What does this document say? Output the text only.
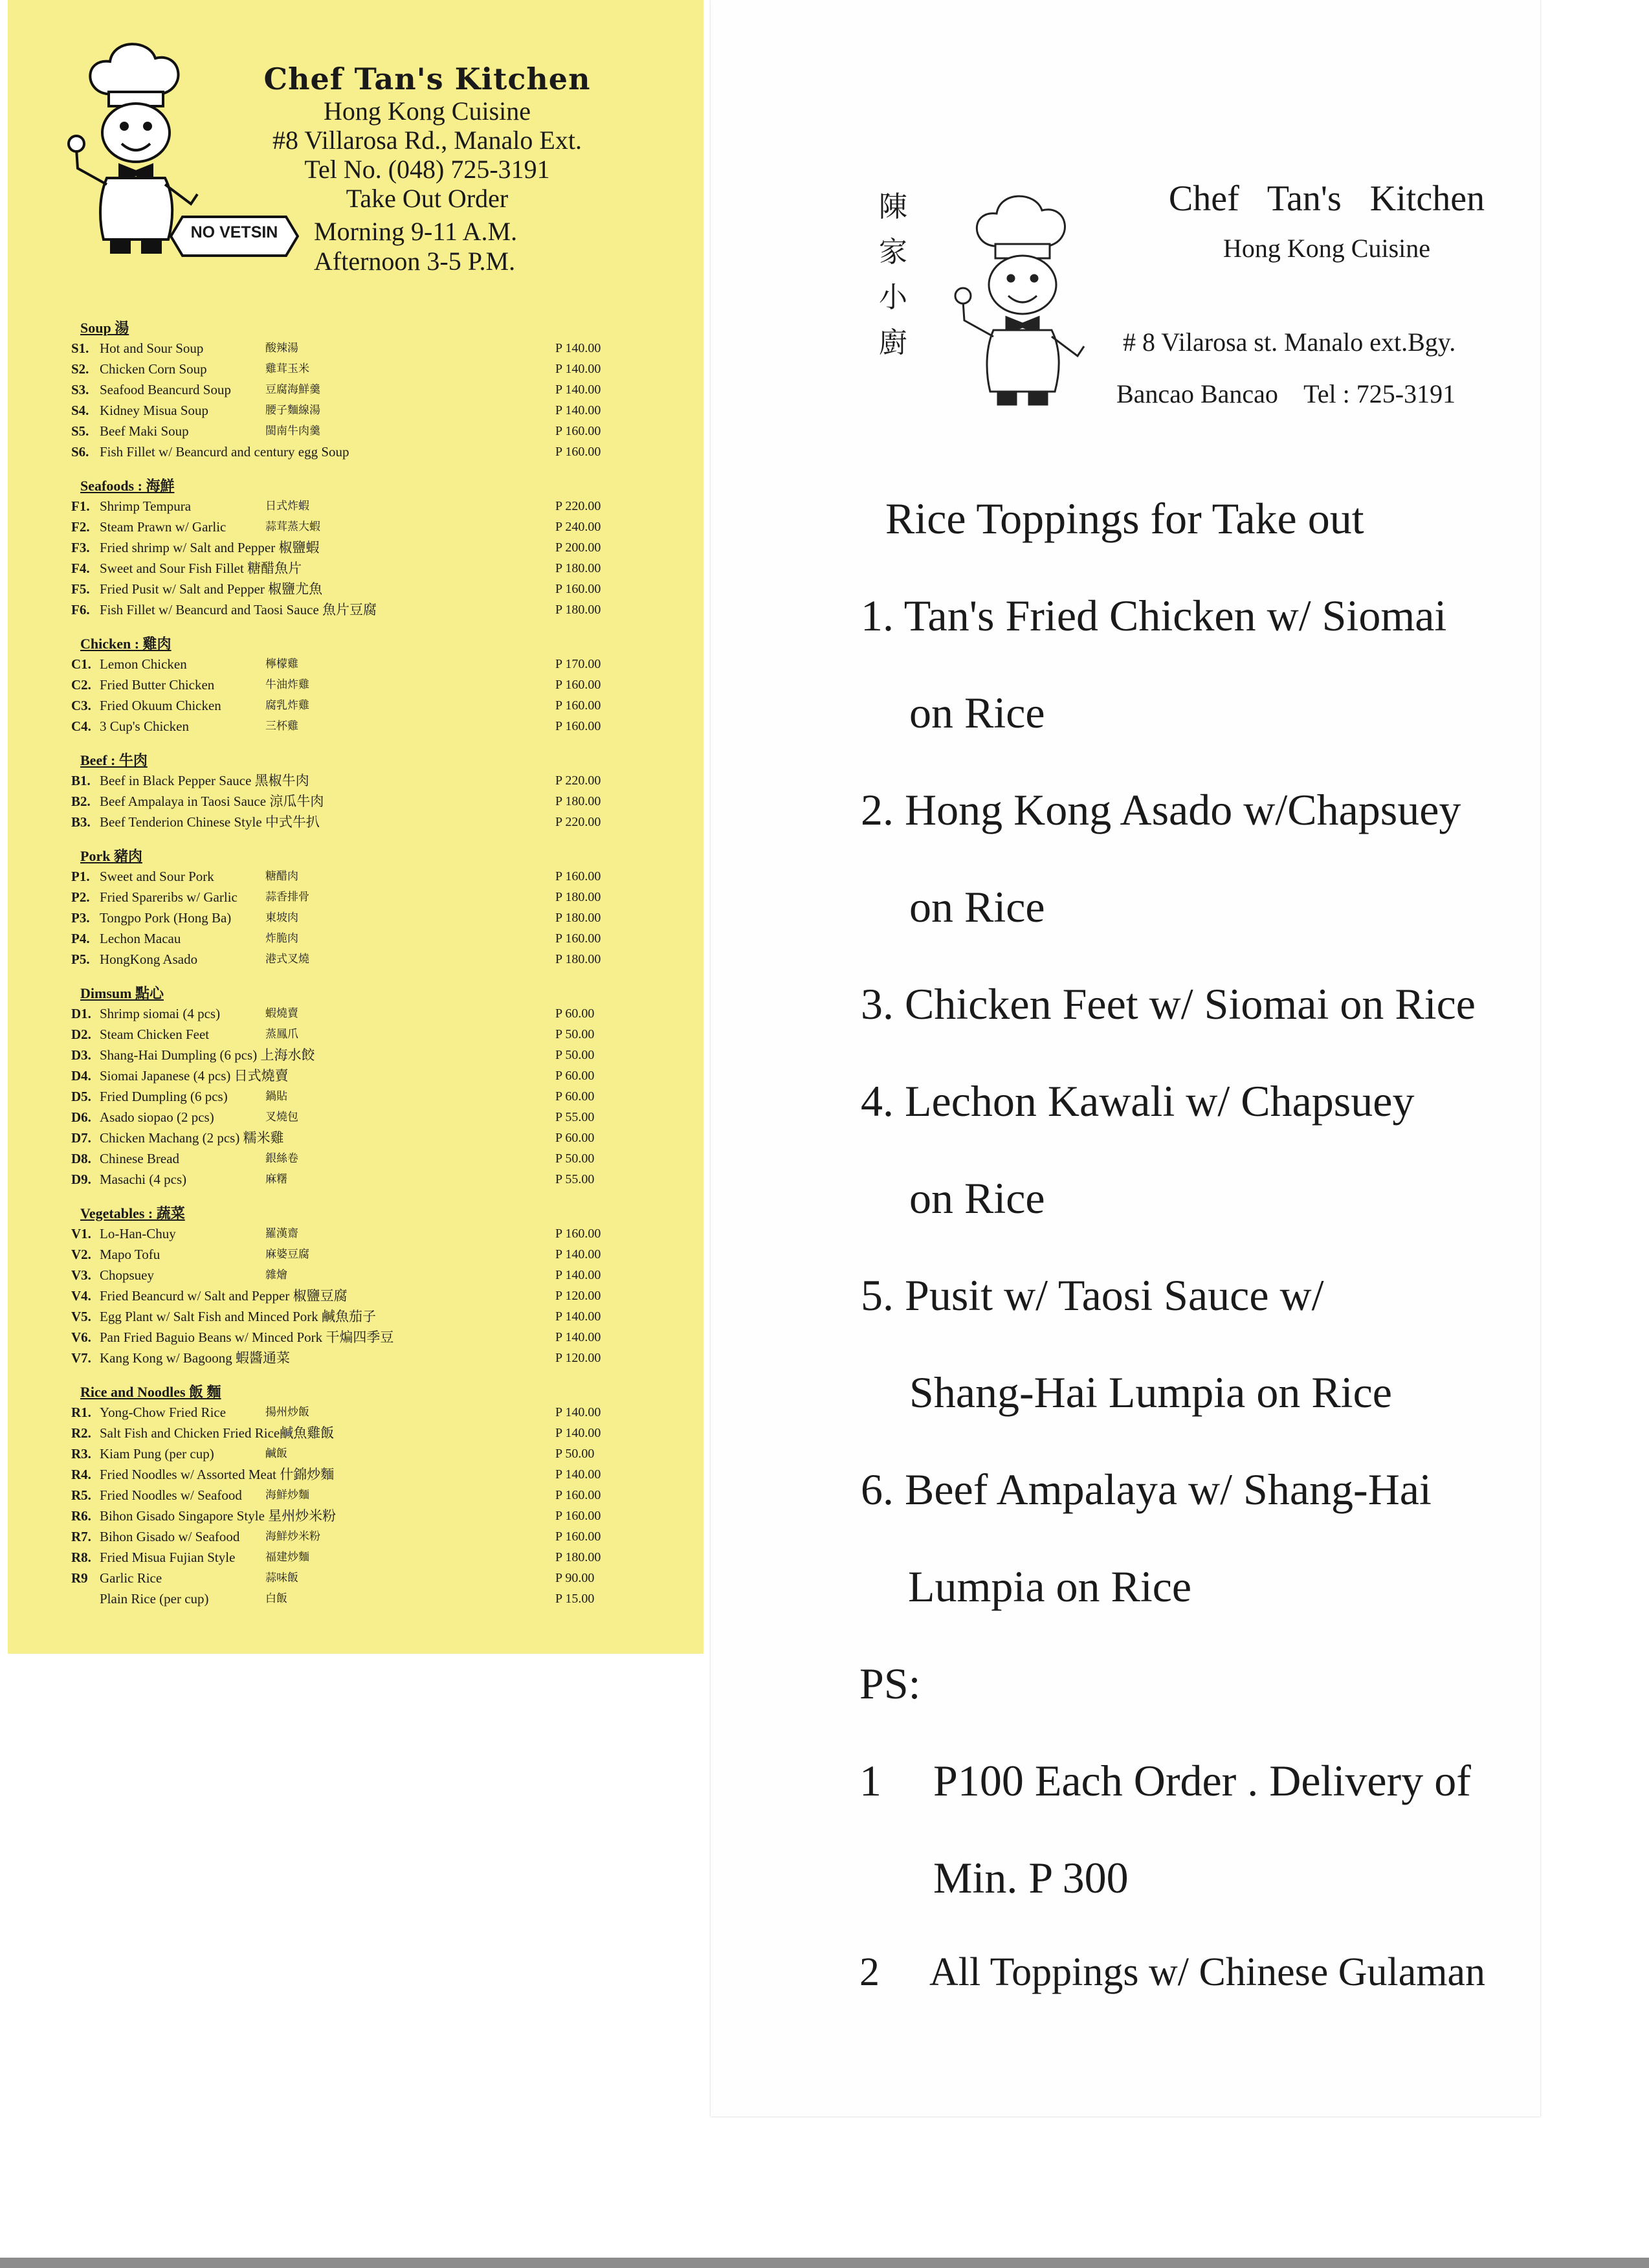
Chef Tan's Kitchen
Hong Kong Cuisine
#8 Villarosa Rd., Manalo Ext.
Tel No. (048) 725-3191
Take Out Order
NO VETSIN	Morning 9-11 A.M.
Afternoon 3-5 P.M.
Soup 湯
S1. Hot and Sour Soup	酸辣湯	P 140.00
S2. Chicken Corn Soup	雞茸玉米	P 140.00
S3. Seafood Beancurd Soup	豆腐海鮮羹	P 140.00
S4. Kidney Misua Soup	腰子麵線湯	P 140.00
S5. Beef Maki Soup	閩南牛肉羹	P 160.00
S6. Fish Fillet w/ Beancurd and century egg Soup	P 160.00
Seafoods : 海鮮
F1. Shrimp Tempura	日式炸蝦	P 220.00
F2. Steam Prawn w/ Garlic	蒜茸蒸大蝦	P 240.00
F3. Fried shrimp w/ Salt and Pepper 椒鹽蝦	P 200.00
F4. Sweet and Sour Fish Fillet 糖醋魚片	P 180.00
F5. Fried Pusit w/ Salt and Pepper 椒鹽尤魚	P 160.00
F6. Fish Fillet w/ Beancurd and Taosi Sauce 魚片豆腐	P 180.00
Chicken : 雞肉
C1. Lemon Chicken	檸檬雞	P 170.00
C2. Fried Butter Chicken	牛油炸雞	P 160.00
C3. Fried Okuum Chicken	腐乳炸雞	P 160.00
C4. 3 Cup's Chicken	三杯雞	P 160.00
Beef : 牛肉
B1. Beef in Black Pepper Sauce 黑椒牛肉	P 220.00
B2. Beef Ampalaya in Taosi Sauce 涼瓜牛肉	P 180.00
B3. Beef Tenderion Chinese Style 中式牛扒	P 220.00
Pork 豬肉
P1. Sweet and Sour Pork	糖醋肉	P 160.00
P2. Fried Spareribs w/ Garlic	蒜香排骨	P 180.00
P3. Tongpo Pork (Hong Ba)	東坡肉	P 180.00
P4. Lechon Macau	炸脆肉	P 160.00
P5. HongKong Asado	港式叉燒	P 180.00
Dimsum 點心
D1. Shrimp siomai (4 pcs)	蝦燒賣	P 60.00
D2. Steam Chicken Feet	蒸鳳爪	P 50.00
D3. Shang-Hai Dumpling (6 pcs) 上海水餃	P 50.00
D4. Siomai Japanese (4 pcs) 日式燒賣	P 60.00
D5. Fried Dumpling (6 pcs)	鍋貼	P 60.00
D6. Asado siopao (2 pcs)	叉燒包	P 55.00
D7. Chicken Machang (2 pcs) 糯米雞	P 60.00
D8. Chinese Bread	銀絲卷	P 50.00
D9. Masachi (4 pcs)	麻糬	P 55.00
Vegetables : 蔬菜
V1. Lo-Han-Chuy	羅漢齋	P 160.00
V2. Mapo Tofu	麻婆豆腐	P 140.00
V3. Chopsuey	雜燴	P 140.00
V4. Fried Beancurd w/ Salt and Pepper 椒鹽豆腐	P 120.00
V5. Egg Plant w/ Salt Fish and Minced Pork 鹹魚茄子	P 140.00
V6. Pan Fried Baguio Beans w/ Minced Pork 干煸四季豆	P 140.00
V7. Kang Kong w/ Bagoong 蝦醬通菜	P 120.00
Rice and Noodles 飯 麵
R1. Yong-Chow Fried Rice	揚州炒飯	P 140.00
R2. Salt Fish and Chicken Fried Rice鹹魚雞飯	P 140.00
R3. Kiam Pung (per cup)	鹹飯	P 50.00
R4. Fried Noodles w/ Assorted Meat 什錦炒麵	P 140.00
R5. Fried Noodles w/ Seafood 海鮮炒麵	P 160.00
R6. Bihon Gisado Singapore Style 星州炒米粉	P 160.00
R7. Bihon Gisado w/ Seafood 海鮮炒米粉	P 160.00
R8. Fried Misua Fujian Style	福建炒麵	P 180.00
R9 Garlic Rice	蒜味飯	P 90.00
Plain Rice (per cup)	白飯	P 15.00
陳
家
小
廚
Chef Tan's Kitchen
Hong Kong Cuisine
# 8 Vilarosa st. Manalo ext.Bgy.
Bancao Bancao    Tel : 725-3191
Rice Toppings for Take out
1. Tan's Fried Chicken w/ Siomai
on Rice
2. Hong Kong Asado w/Chapsuey
on Rice
3. Chicken Feet w/ Siomai on Rice
4. Lechon Kawali w/ Chapsuey
on Rice
5. Pusit w/ Taosi Sauce w/
Shang-Hai Lumpia on Rice
6. Beef Ampalaya w/ Shang-Hai
Lumpia on Rice
PS:
1 P100 Each Order . Delivery of
Min. P 300
2 All Toppings w/ Chinese Gulaman
